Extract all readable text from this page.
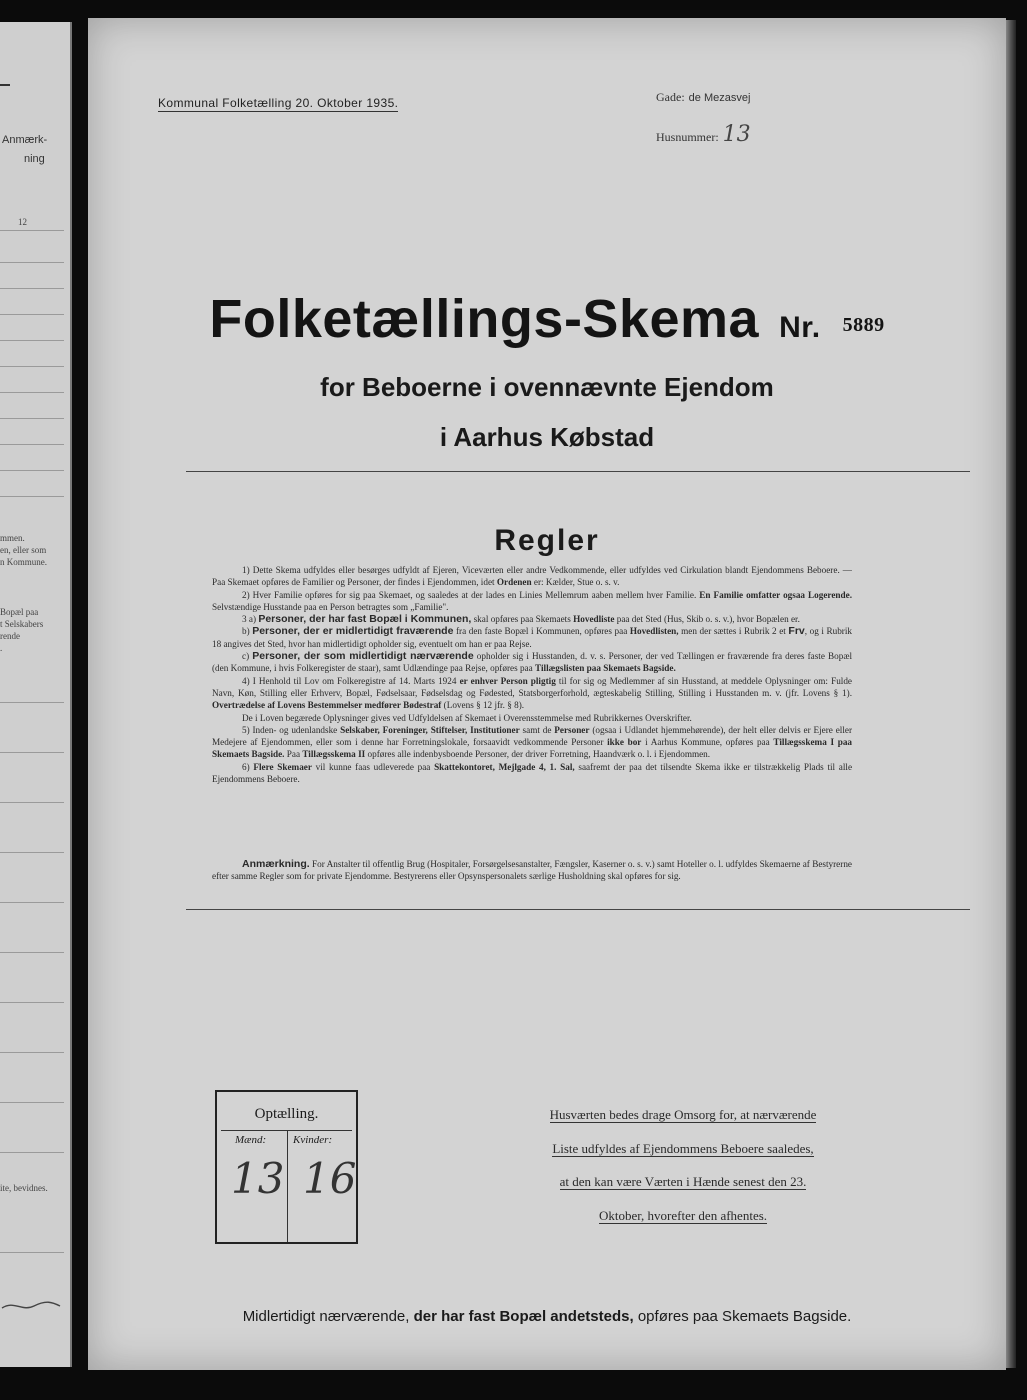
Anmærk-
ning
12
mmen.
en, eller som
n Kommune.
Bopæl paa
t Selskabers
rende
.
ite, bevidnes.
Kommunal Folketælling 20. Oktober 1935.	Gade: de Mezasvej
Husnummer: 13
Folketællings-Skema Nr. 5889
for Beboerne i ovennævnte Ejendom
i Aarhus Købstad
Regler

1) Dette Skema udfyldes eller besørges udfyldt af Ejeren, Viceværten eller andre Vedkommende, eller udfyldes ved Cirkulation blandt Ejendommens Beboere. — Paa Skemaet opføres de Familier og Personer, der findes i Ejendommen, idet Ordenen er: Kælder, Stue o. s. v.

2) Hver Familie opføres for sig paa Skemaet, og saaledes at der lades en Linies Mellemrum aaben mellem hver Familie. En Familie omfatter ogsaa Logerende. Selvstændige Husstande paa en Person betragtes som „Familie".

3 a) Personer, der har fast Bopæl i Kommunen, skal opføres paa Skemaets Hovedliste paa det Sted (Hus, Skib o. s. v.), hvor Bopælen er.

b) Personer, der er midlertidigt fraværende fra den faste Bopæl i Kommunen, opføres paa Hovedlisten, men der sættes i Rubrik 2 et Frv, og i Rubrik 18 angives det Sted, hvor han midlertidigt opholder sig, eventuelt om han er paa Rejse.

c) Personer, der som midlertidigt nærværende opholder sig i Husstanden, d. v. s. Personer, der ved Tællingen er fraværende fra deres faste Bopæl (den Kommune, i hvis Folkeregister de staar), samt Udlændinge paa Rejse, opføres paa Tillægslisten paa Skemaets Bagside.

4) I Henhold til Lov om Folkeregistre af 14. Marts 1924 er enhver Person pligtig til for sig og Medlemmer af sin Husstand, at meddele Oplysninger om: Fulde Navn, Køn, Stilling eller Erhverv, Bopæl, Fødselsaar, Fødselsdag og Fødested, Statsborgerforhold, ægteskabelig Stilling, Stilling i Husstanden m. v. (jfr. Lovens § 1). Overtrædelse af Lovens Bestemmelser medfører Bødestraf (Lovens § 12 jfr. § 8).

De i Loven begærede Oplysninger gives ved Udfyldelsen af Skemaet i Overensstemmelse med Rubrikkernes Overskrifter.

5) Inden- og udenlandske Selskaber, Foreninger, Stiftelser, Institutioner samt de Personer (ogsaa i Udlandet hjemmehørende), der helt eller delvis er Ejere eller Medejere af Ejendommen, eller som i denne har Forretningslokale, forsaavidt vedkommende Personer ikke bor i Aarhus Kommune, opføres paa Tillægsskema I paa Skemaets Bagside. Paa Tillægsskema II opføres alle indenbysboende Personer, der driver Forretning, Haandværk o. l. i Ejendommen.

6) Flere Skemaer vil kunne faas udleverede paa Skattekontoret, Mejlgade 4, 1. Sal, saafremt der paa det tilsendte Skema ikke er tilstrækkelig Plads til alle Ejendommens Beboere.

Anmærkning. For Anstalter til offentlig Brug (Hospitaler, Forsørgelsesanstalter, Fængsler, Kaserner o. s. v.) samt Hoteller o. l. udfyldes Skemaerne af Bestyrerne efter samme Regler som for private Ejendomme. Bestyrerens eller Opsynspersonalets særlige Husholdning skal opføres for sig.

Optælling.
Mænd: Kvinder:
13 16
Husværten bedes drage Omsorg for, at nærværende
Liste udfyldes af Ejendommens Beboere saaledes,
at den kan være Værten i Hænde senest den 23.
Oktober, hvorefter den afhentes.
Midlertidigt nærværende, der har fast Bopæl andetsteds, opføres paa Skemaets Bagside.
